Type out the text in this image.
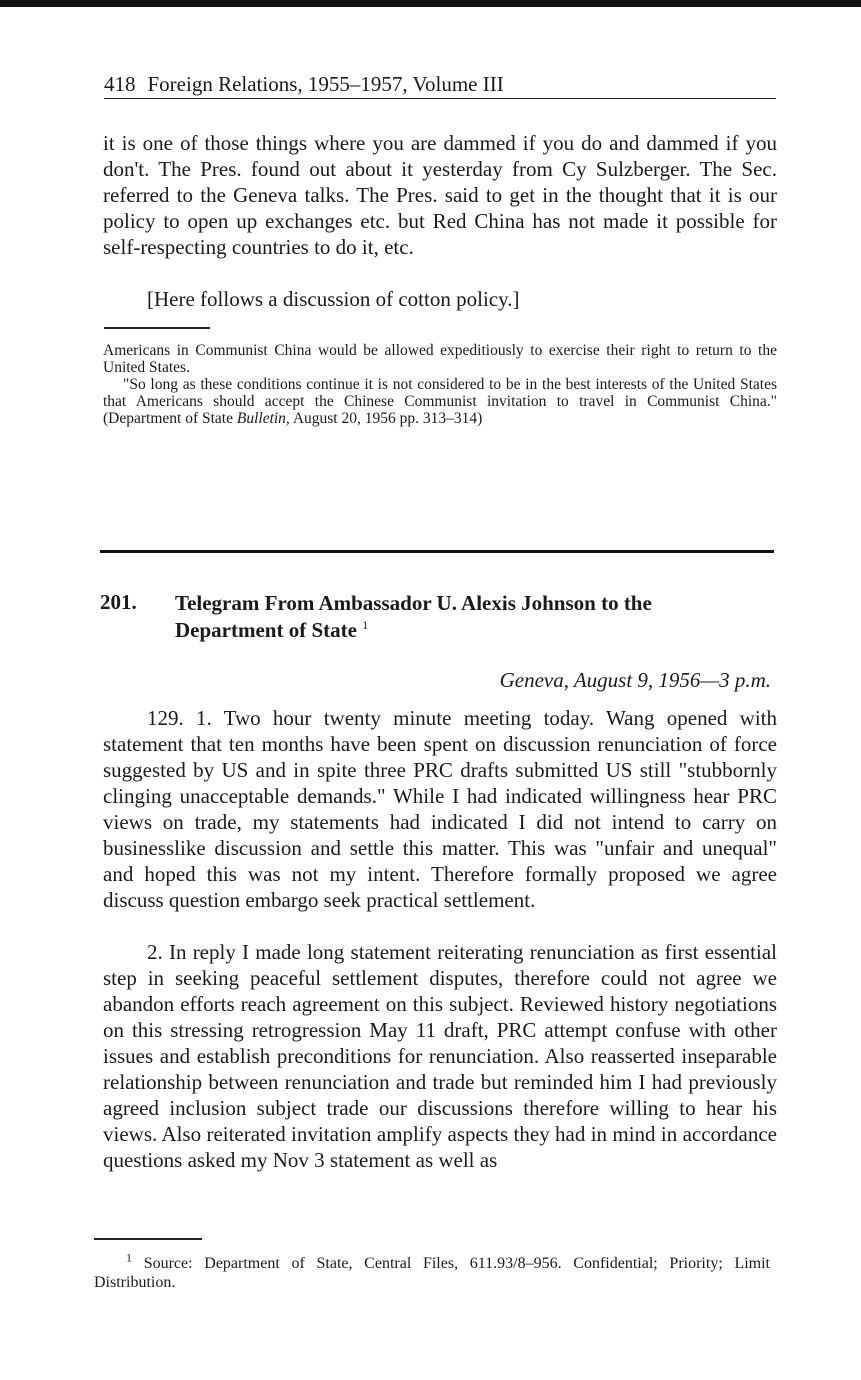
418 Foreign Relations, 1955–1957, Volume III

it is one of those things where you are dammed if you do and dammed if you don't. The Pres. found out about it yesterday from Cy Sulzberger. The Sec. referred to the Geneva talks. The Pres. said to get in the thought that it is our policy to open up exchanges etc. but Red China has not made it possible for self-respecting countries to do it, etc.

[Here follows a discussion of cotton policy.]

Americans in Communist China would be allowed expeditiously to exercise their right to return to the United States.

"So long as these conditions continue it is not considered to be in the best interests of the United States that Americans should accept the Chinese Communist invitation to travel in Communist China." (Department of State Bulletin, August 20, 1956 pp. 313–314)

201. Telegram From Ambassador U. Alexis Johnson to the Department of State $^1$

Geneva, August 9, 1956—3 p.m.

129. 1. Two hour twenty minute meeting today. Wang opened with statement that ten months have been spent on discussion renunciation of force suggested by US and in spite three PRC drafts submitted US still "stubbornly clinging unacceptable demands." While I had indicated willingness hear PRC views on trade, my statements had indicated I did not intend to carry on businesslike discussion and settle this matter. This was "unfair and unequal" and hoped this was not my intent. Therefore formally proposed we agree discuss question embargo seek practical settlement.

2. In reply I made long statement reiterating renunciation as first essential step in seeking peaceful settlement disputes, therefore could not agree we abandon efforts reach agreement on this subject. Reviewed history negotiations on this stressing retrogression May 11 draft, PRC attempt confuse with other issues and establish preconditions for renunciation. Also reasserted inseparable relationship between renunciation and trade but reminded him I had previously agreed inclusion subject trade our discussions therefore willing to hear his views. Also reiterated invitation amplify aspects they had in mind in accordance questions asked my Nov 3 statement as well as

$^1$ Source: Department of State, Central Files, 611.93/8–956. Confidential; Priority; Limit Distribution.
